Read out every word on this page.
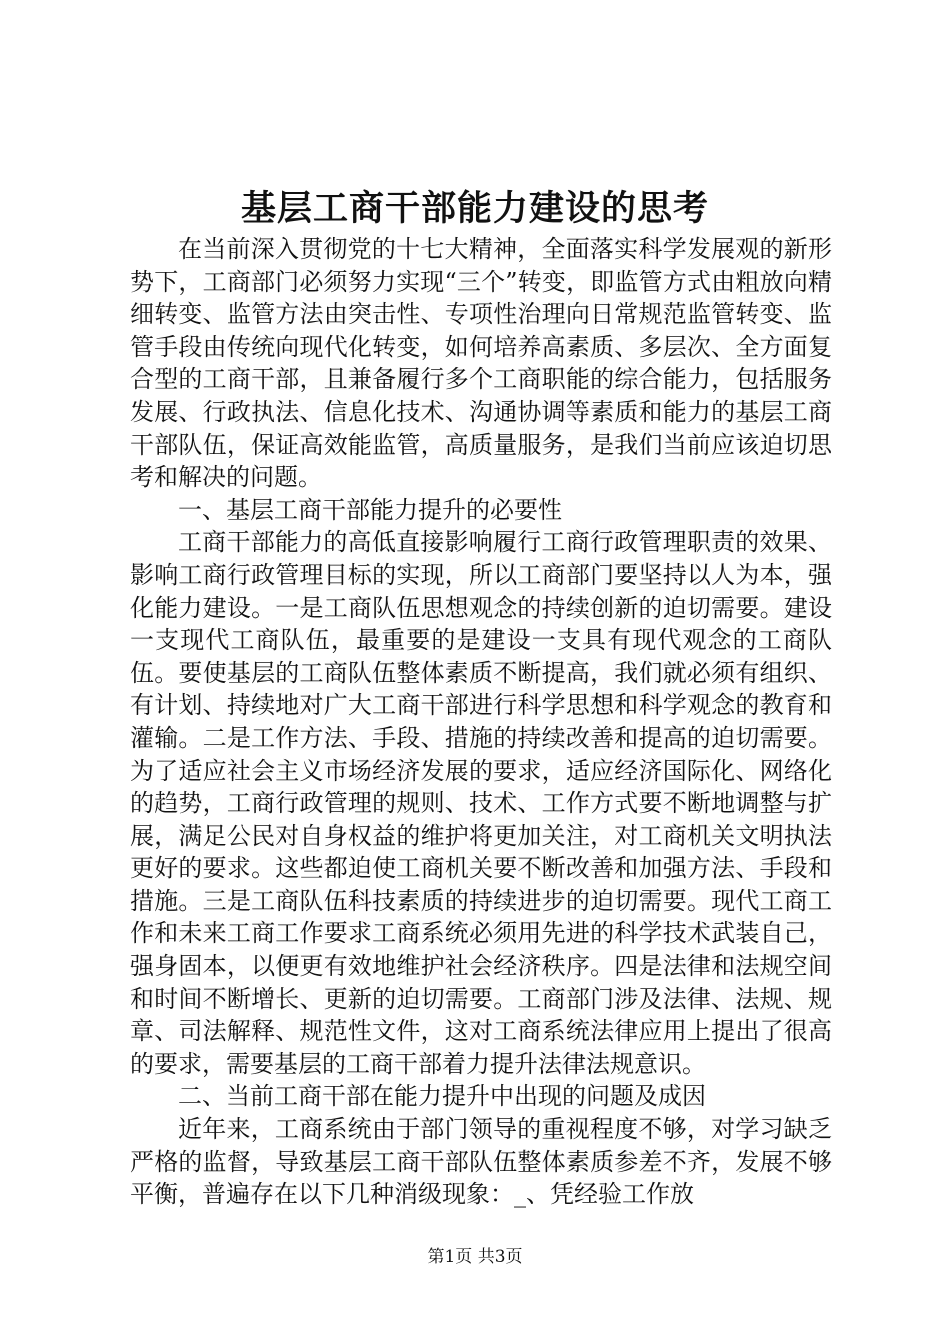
基层工商干部能力建设的思考

在当前深入贯彻党的十七大精神，全面落实科学发展观的新形势下，工商部门必须努力实现“三个”转变，即监管方式由粗放向精细转变、监管方法由突击性、专项性治理向日常规范监管转变、监管手段由传统向现代化转变，如何培养高素质、多层次、全方面复合型的工商干部，且兼备履行多个工商职能的综合能力，包括服务发展、行政执法、信息化技术、沟通协调等素质和能力的基层工商干部队伍，保证高效能监管，高质量服务，是我们当前应该迫切思考和解决的问题。

一、基层工商干部能力提升的必要性

工商干部能力的高低直接影响履行工商行政管理职责的效果、影响工商行政管理目标的实现，所以工商部门要坚持以人为本，强化能力建设。一是工商队伍思想观念的持续创新的迫切需要。建设一支现代工商队伍，最重要的是建设一支具有现代观念的工商队伍。要使基层的工商队伍整体素质不断提高，我们就必须有组织、有计划、持续地对广大工商干部进行科学思想和科学观念的教育和灌输。二是工作方法、手段、措施的持续改善和提高的迫切需要。为了适应社会主义市场经济发展的要求，适应经济国际化、网络化的趋势，工商行政管理的规则、技术、工作方式要不断地调整与扩展，满足公民对自身权益的维护将更加关注，对工商机关文明执法更好的要求。这些都迫使工商机关要不断改善和加强方法、手段和措施。三是工商队伍科技素质的持续进步的迫切需要。现代工商工作和未来工商工作要求工商系统必须用先进的科学技术武装自己，强身固本，以便更有效地维护社会经济秩序。四是法律和法规空间和时间不断增长、更新的迫切需要。工商部门涉及法律、法规、规章、司法解释、规范性文件，这对工商系统法律应用上提出了很高的要求，需要基层的工商干部着力提升法律法规意识。

二、当前工商干部在能力提升中出现的问题及成因

近年来，工商系统由于部门领导的重视程度不够，对学习缺乏严格的监督，导致基层工商干部队伍整体素质参差不齐，发展不够平衡，普遍存在以下几种消级现象：_、凭经验工作放

第1页 共3页
